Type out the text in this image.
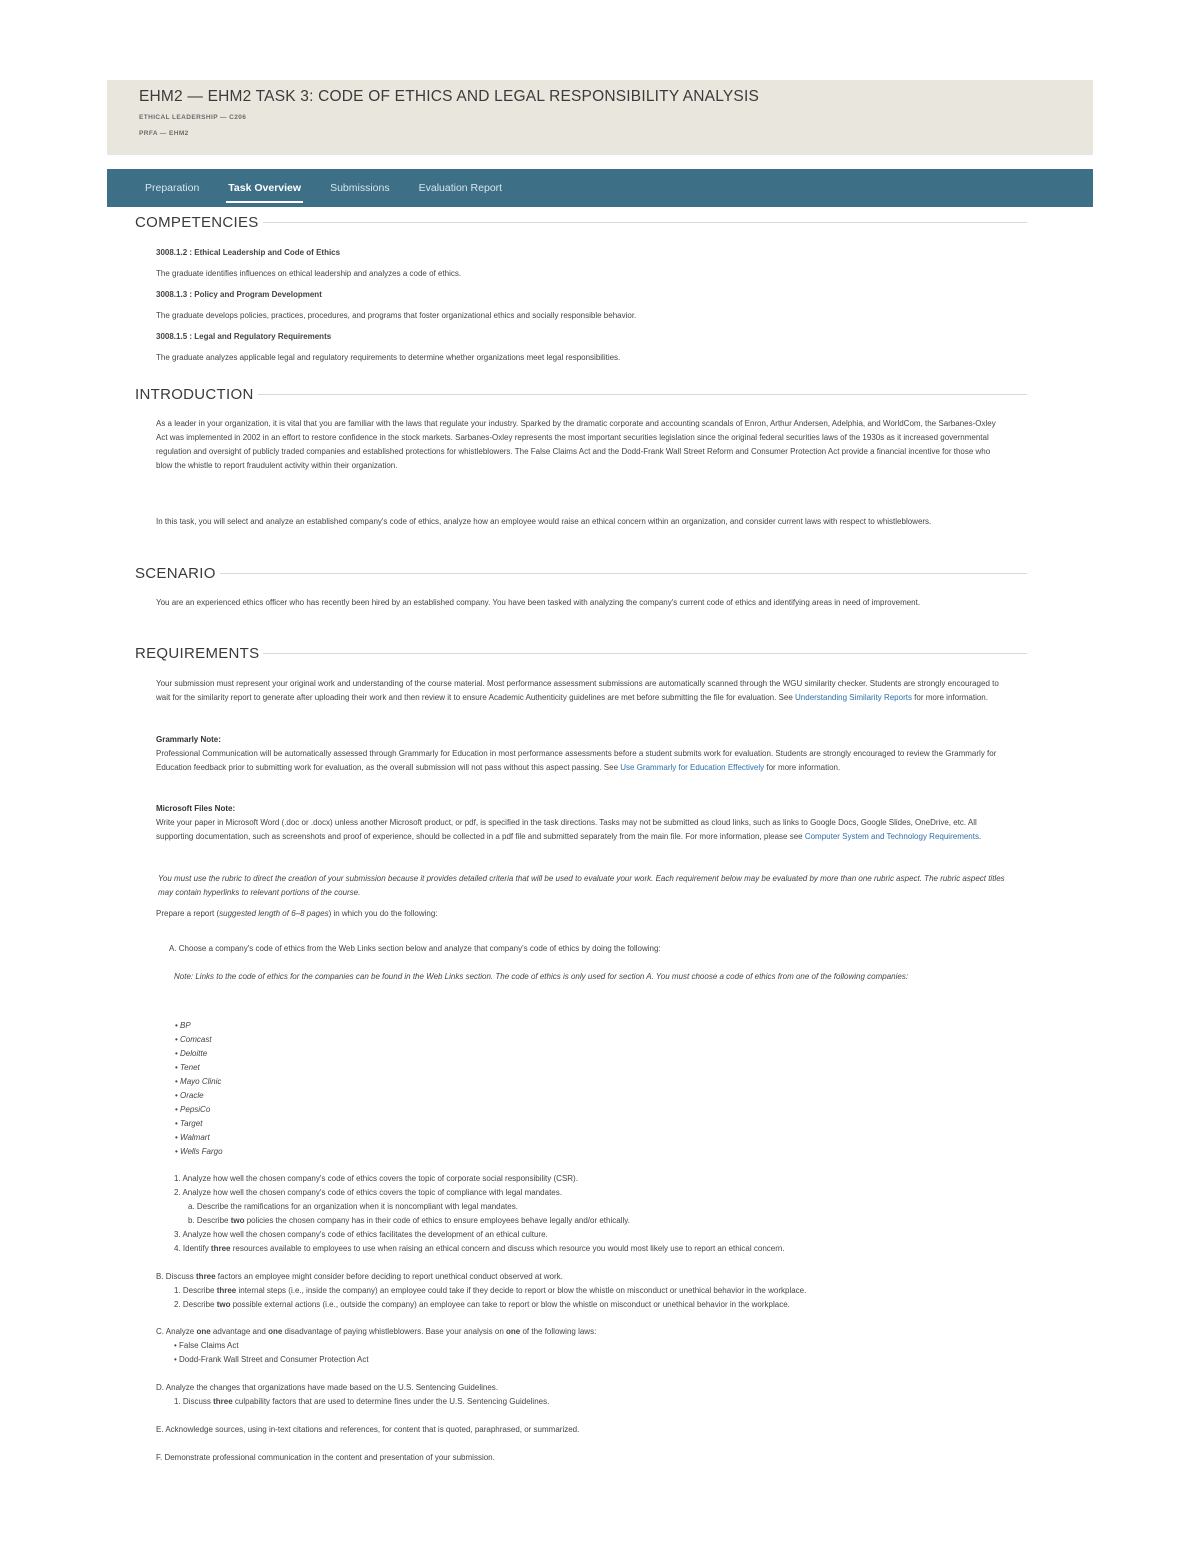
EHM2 — EHM2 TASK 3: CODE OF ETHICS AND LEGAL RESPONSIBILITY ANALYSIS
ETHICAL LEADERSHIP — C206
PRFA — EHM2
Preparation	Task Overview	Submissions	Evaluation Report
COMPETENCIES
3008.1.2 : Ethical Leadership and Code of Ethics
The graduate identifies influences on ethical leadership and analyzes a code of ethics.
3008.1.3 : Policy and Program Development
The graduate develops policies, practices, procedures, and programs that foster organizational ethics and socially responsible behavior.
3008.1.5 : Legal and Regulatory Requirements
The graduate analyzes applicable legal and regulatory requirements to determine whether organizations meet legal responsibilities.
INTRODUCTION
As a leader in your organization, it is vital that you are familiar with the laws that regulate your industry. Sparked by the dramatic corporate and accounting scandals of Enron, Arthur Andersen, Adelphia, and WorldCom, the Sarbanes-Oxley Act was implemented in 2002 in an effort to restore confidence in the stock markets. Sarbanes-Oxley represents the most important securities legislation since the original federal securities laws of the 1930s as it increased governmental regulation and oversight of publicly traded companies and established protections for whistleblowers. The False Claims Act and the Dodd-Frank Wall Street Reform and Consumer Protection Act provide a financial incentive for those who blow the whistle to report fraudulent activity within their organization.
In this task, you will select and analyze an established company's code of ethics, analyze how an employee would raise an ethical concern within an organization, and consider current laws with respect to whistleblowers.
SCENARIO
You are an experienced ethics officer who has recently been hired by an established company. You have been tasked with analyzing the company's current code of ethics and identifying areas in need of improvement.
REQUIREMENTS
Your submission must represent your original work and understanding of the course material. Most performance assessment submissions are automatically scanned through the WGU similarity checker. Students are strongly encouraged to wait for the similarity report to generate after uploading their work and then review it to ensure Academic Authenticity guidelines are met before submitting the file for evaluation. See Understanding Similarity Reports for more information.
Grammarly Note:
Professional Communication will be automatically assessed through Grammarly for Education in most performance assessments before a student submits work for evaluation. Students are strongly encouraged to review the Grammarly for Education feedback prior to submitting work for evaluation, as the overall submission will not pass without this aspect passing. See Use Grammarly for Education Effectively for more information.
Microsoft Files Note:
Write your paper in Microsoft Word (.doc or .docx) unless another Microsoft product, or pdf, is specified in the task directions. Tasks may not be submitted as cloud links, such as links to Google Docs, Google Slides, OneDrive, etc. All supporting documentation, such as screenshots and proof of experience, should be collected in a pdf file and submitted separately from the main file. For more information, please see Computer System and Technology Requirements.
You must use the rubric to direct the creation of your submission because it provides detailed criteria that will be used to evaluate your work. Each requirement below may be evaluated by more than one rubric aspect. The rubric aspect titles may contain hyperlinks to relevant portions of the course.
Prepare a report (suggested length of 6–8 pages) in which you do the following:
A. Choose a company's code of ethics from the Web Links section below and analyze that company's code of ethics by doing the following:
Note: Links to the code of ethics for the companies can be found in the Web Links section. The code of ethics is only used for section A. You must choose a code of ethics from one of the following companies:
• BP
• Comcast
• Deloitte
• Tenet
• Mayo Clinic
• Oracle
• PepsiCo
• Target
• Walmart
• Wells Fargo
1. Analyze how well the chosen company's code of ethics covers the topic of corporate social responsibility (CSR).
2. Analyze how well the chosen company's code of ethics covers the topic of compliance with legal mandates.
a. Describe the ramifications for an organization when it is noncompliant with legal mandates.
b. Describe two policies the chosen company has in their code of ethics to ensure employees behave legally and/or ethically.
3. Analyze how well the chosen company's code of ethics facilitates the development of an ethical culture.
4. Identify three resources available to employees to use when raising an ethical concern and discuss which resource you would most likely use to report an ethical concern.
B. Discuss three factors an employee might consider before deciding to report unethical conduct observed at work.
1. Describe three internal steps (i.e., inside the company) an employee could take if they decide to report or blow the whistle on misconduct or unethical behavior in the workplace.
2. Describe two possible external actions (i.e., outside the company) an employee can take to report or blow the whistle on misconduct or unethical behavior in the workplace.
C. Analyze one advantage and one disadvantage of paying whistleblowers. Base your analysis on one of the following laws:
• False Claims Act
• Dodd-Frank Wall Street and Consumer Protection Act
D. Analyze the changes that organizations have made based on the U.S. Sentencing Guidelines.
1. Discuss three culpability factors that are used to determine fines under the U.S. Sentencing Guidelines.
E. Acknowledge sources, using in-text citations and references, for content that is quoted, paraphrased, or summarized.
F. Demonstrate professional communication in the content and presentation of your submission.
